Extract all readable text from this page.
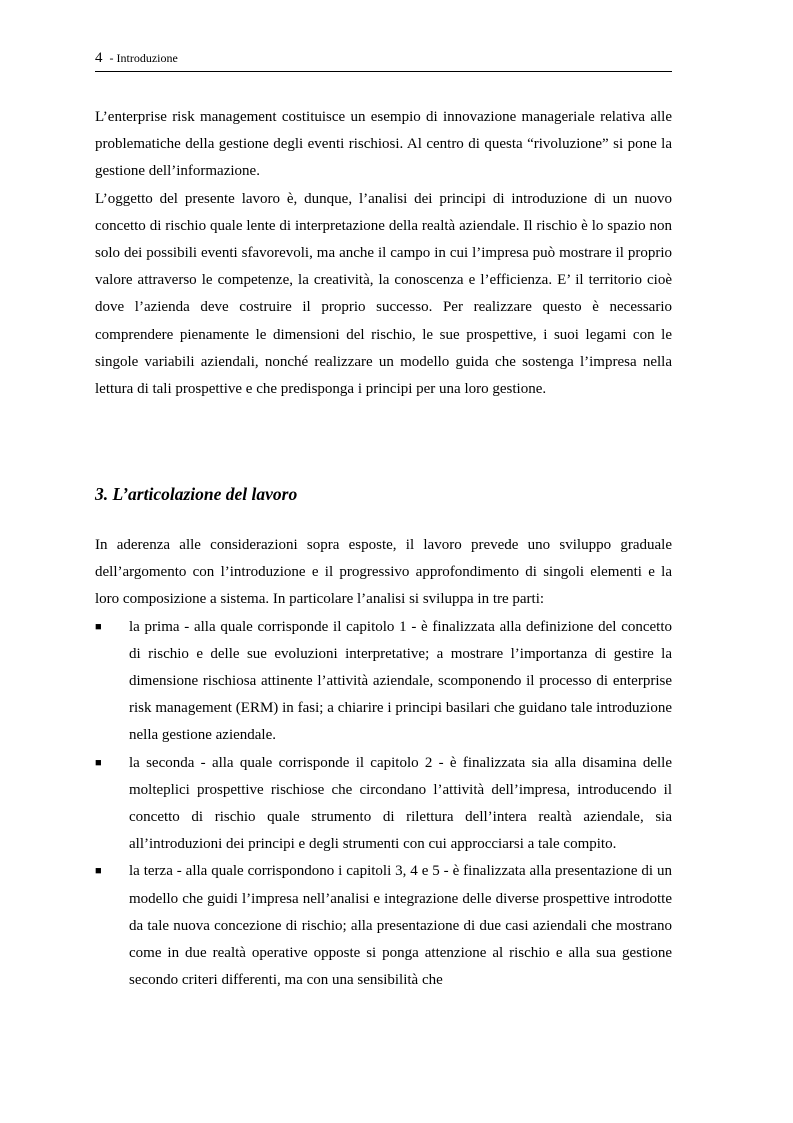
4 - Introduzione

L’enterprise risk management costituisce un esempio di innovazione manageriale relativa alle problematiche della gestione degli eventi rischiosi. Al centro di questa “rivoluzione” si pone la gestione dell’informazione.

L’oggetto del presente lavoro è, dunque, l’analisi dei principi di introduzione di un nuovo concetto di rischio quale lente di interpretazione della realtà aziendale. Il rischio è lo spazio non solo dei possibili eventi sfavorevoli, ma anche il campo in cui l’impresa può mostrare il proprio valore attraverso le competenze, la creatività, la conoscenza e l’efficienza. E’ il territorio cioè dove l’azienda deve costruire il proprio successo. Per realizzare questo è necessario comprendere pienamente le dimensioni del rischio, le sue prospettive, i suoi legami con le singole variabili aziendali, nonché realizzare un modello guida che sostenga l’impresa nella lettura di tali prospettive e che predisponga i principi per una loro gestione.

3. L’articolazione del lavoro

In aderenza alle considerazioni sopra esposte, il lavoro prevede uno sviluppo graduale dell’argomento con l’introduzione e il progressivo approfondimento di singoli elementi e la loro composizione a sistema. In particolare l’analisi si sviluppa in tre parti:

■ la prima - alla quale corrisponde il capitolo 1 - è finalizzata alla definizione del concetto di rischio e delle sue evoluzioni interpretative; a mostrare l’importanza di gestire la dimensione rischiosa attinente l’attività aziendale, scomponendo il processo di enterprise risk management (ERM) in fasi; a chiarire i principi basilari che guidano tale introduzione nella gestione aziendale.
■ la seconda - alla quale corrisponde il capitolo 2 - è finalizzata sia alla disamina delle molteplici prospettive rischiose che circondano l’attività dell’impresa, introducendo il concetto di rischio quale strumento di rilettura dell’intera realtà aziendale, sia all’introduzioni dei principi e degli strumenti con cui approcciarsi a tale compito.
■ la terza - alla quale corrispondono i capitoli 3, 4 e 5 - è finalizzata alla presentazione di un modello che guidi l’impresa nell’analisi e integrazione delle diverse prospettive introdotte da tale nuova concezione di rischio; alla presentazione di due casi aziendali che mostrano come in due realtà operative opposte si ponga attenzione al rischio e alla sua gestione secondo criteri differenti, ma con una sensibilità che
